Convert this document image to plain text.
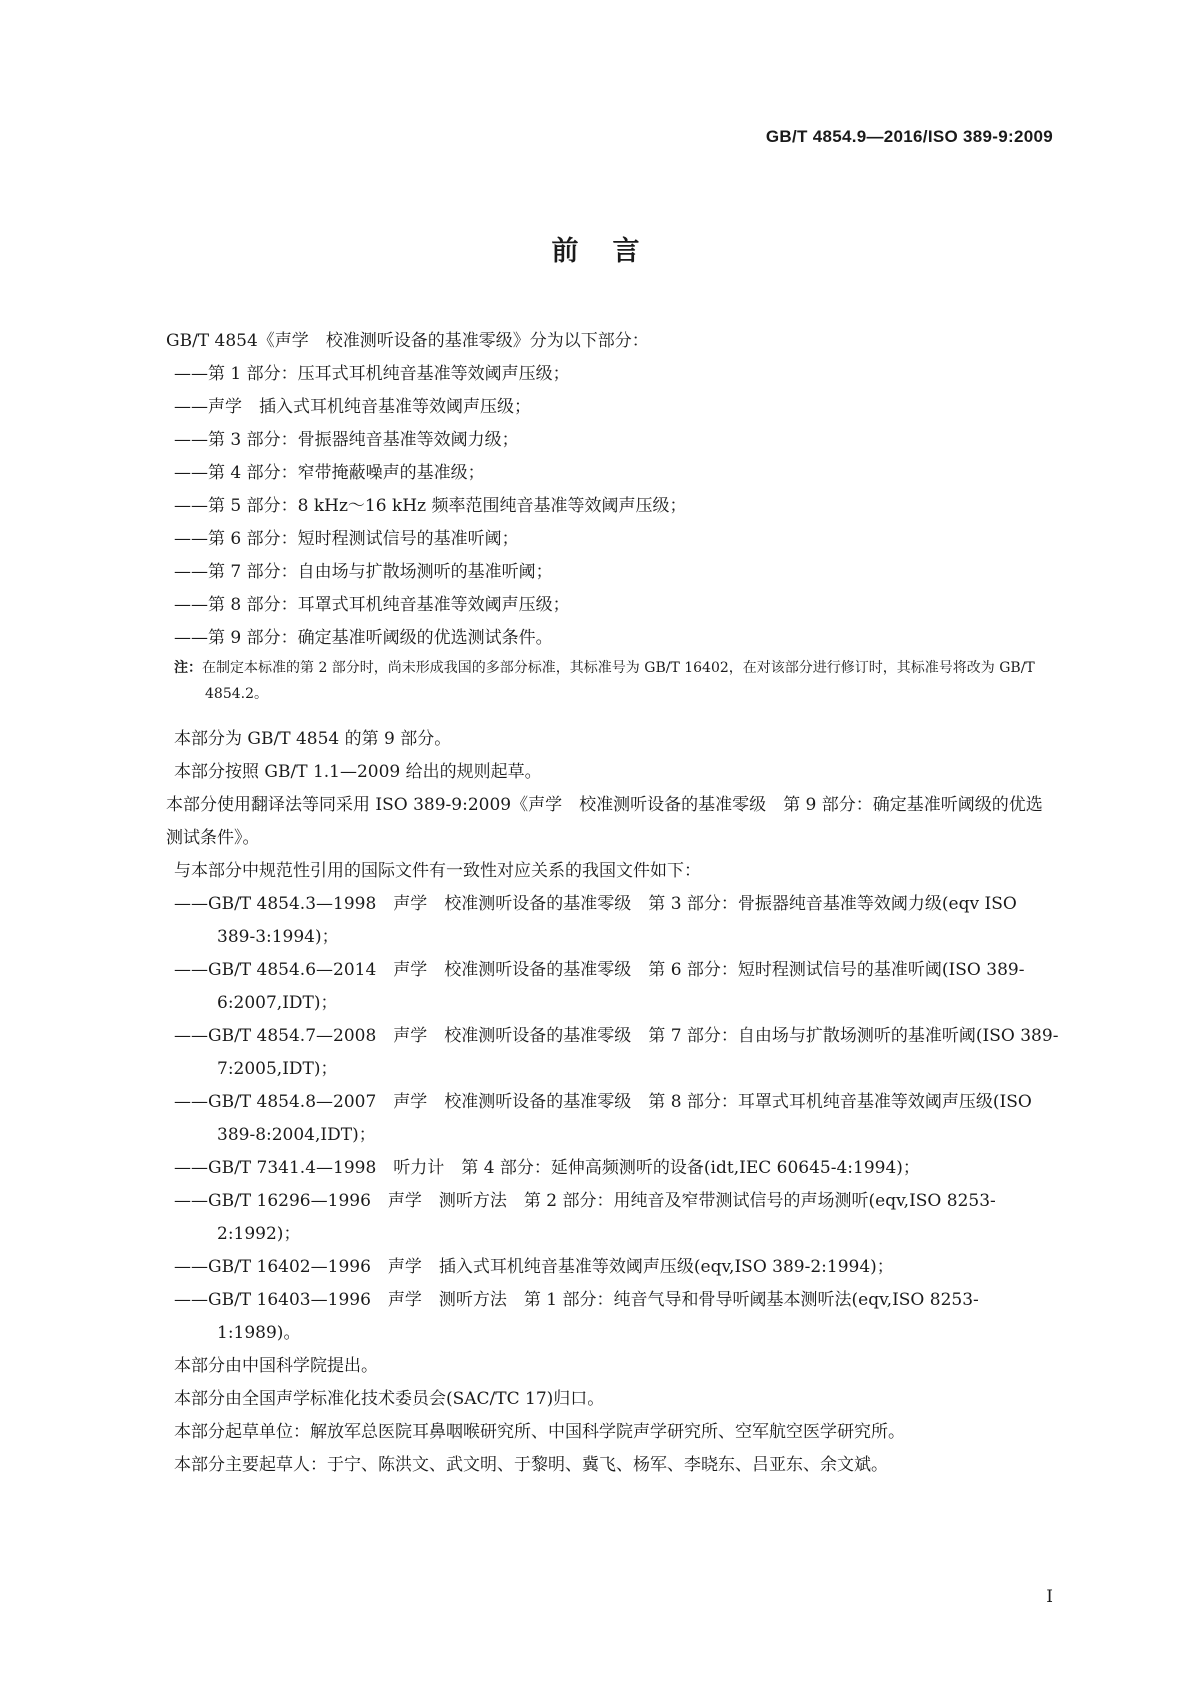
GB/T 4854.9—2016/ISO 389-9:2009
前言

GB/T 4854《声学　校准测听设备的基准零级》分为以下部分：

——第 1 部分：压耳式耳机纯音基准等效阈声压级；

——声学　插入式耳机纯音基准等效阈声压级；

——第 3 部分：骨振器纯音基准等效阈力级；

——第 4 部分：窄带掩蔽噪声的基准级；

——第 5 部分：8 kHz～16 kHz 频率范围纯音基准等效阈声压级；

——第 6 部分：短时程测试信号的基准听阈；

——第 7 部分：自由场与扩散场测听的基准听阈；

——第 8 部分：耳罩式耳机纯音基准等效阈声压级；

——第 9 部分：确定基准听阈级的优选测试条件。

注：在制定本标准的第 2 部分时，尚未形成我国的多部分标准，其标准号为 GB/T 16402，在对该部分进行修订时，其标准号将改为 GB/T 4854.2。

本部分为 GB/T 4854 的第 9 部分。

本部分按照 GB/T 1.1—2009 给出的规则起草。

本部分使用翻译法等同采用 ISO 389-9:2009《声学　校准测听设备的基准零级　第 9 部分：确定基准听阈级的优选测试条件》。

与本部分中规范性引用的国际文件有一致性对应关系的我国文件如下：

——GB/T 4854.3—1998　声学　校准测听设备的基准零级　第 3 部分：骨振器纯音基准等效阈力级(eqv ISO 389-3:1994)；

——GB/T 4854.6—2014　声学　校准测听设备的基准零级　第 6 部分：短时程测试信号的基准听阈(ISO 389-6:2007,IDT)；

——GB/T 4854.7—2008　声学　校准测听设备的基准零级　第 7 部分：自由场与扩散场测听的基准听阈(ISO 389-7:2005,IDT)；

——GB/T 4854.8—2007　声学　校准测听设备的基准零级　第 8 部分：耳罩式耳机纯音基准等效阈声压级(ISO 389-8:2004,IDT)；

——GB/T 7341.4—1998　听力计　第 4 部分：延伸高频测听的设备(idt,IEC 60645-4:1994)；

——GB/T 16296—1996　声学　测听方法　第 2 部分：用纯音及窄带测试信号的声场测听(eqv,ISO 8253-2:1992)；

——GB/T 16402—1996　声学　插入式耳机纯音基准等效阈声压级(eqv,ISO 389-2:1994)；

——GB/T 16403—1996　声学　测听方法　第 1 部分：纯音气导和骨导听阈基本测听法(eqv,ISO 8253-1:1989)。

本部分由中国科学院提出。

本部分由全国声学标准化技术委员会(SAC/TC 17)归口。

本部分起草单位：解放军总医院耳鼻咽喉研究所、中国科学院声学研究所、空军航空医学研究所。

本部分主要起草人：于宁、陈洪文、武文明、于黎明、冀飞、杨军、李晓东、吕亚东、余文斌。

I
